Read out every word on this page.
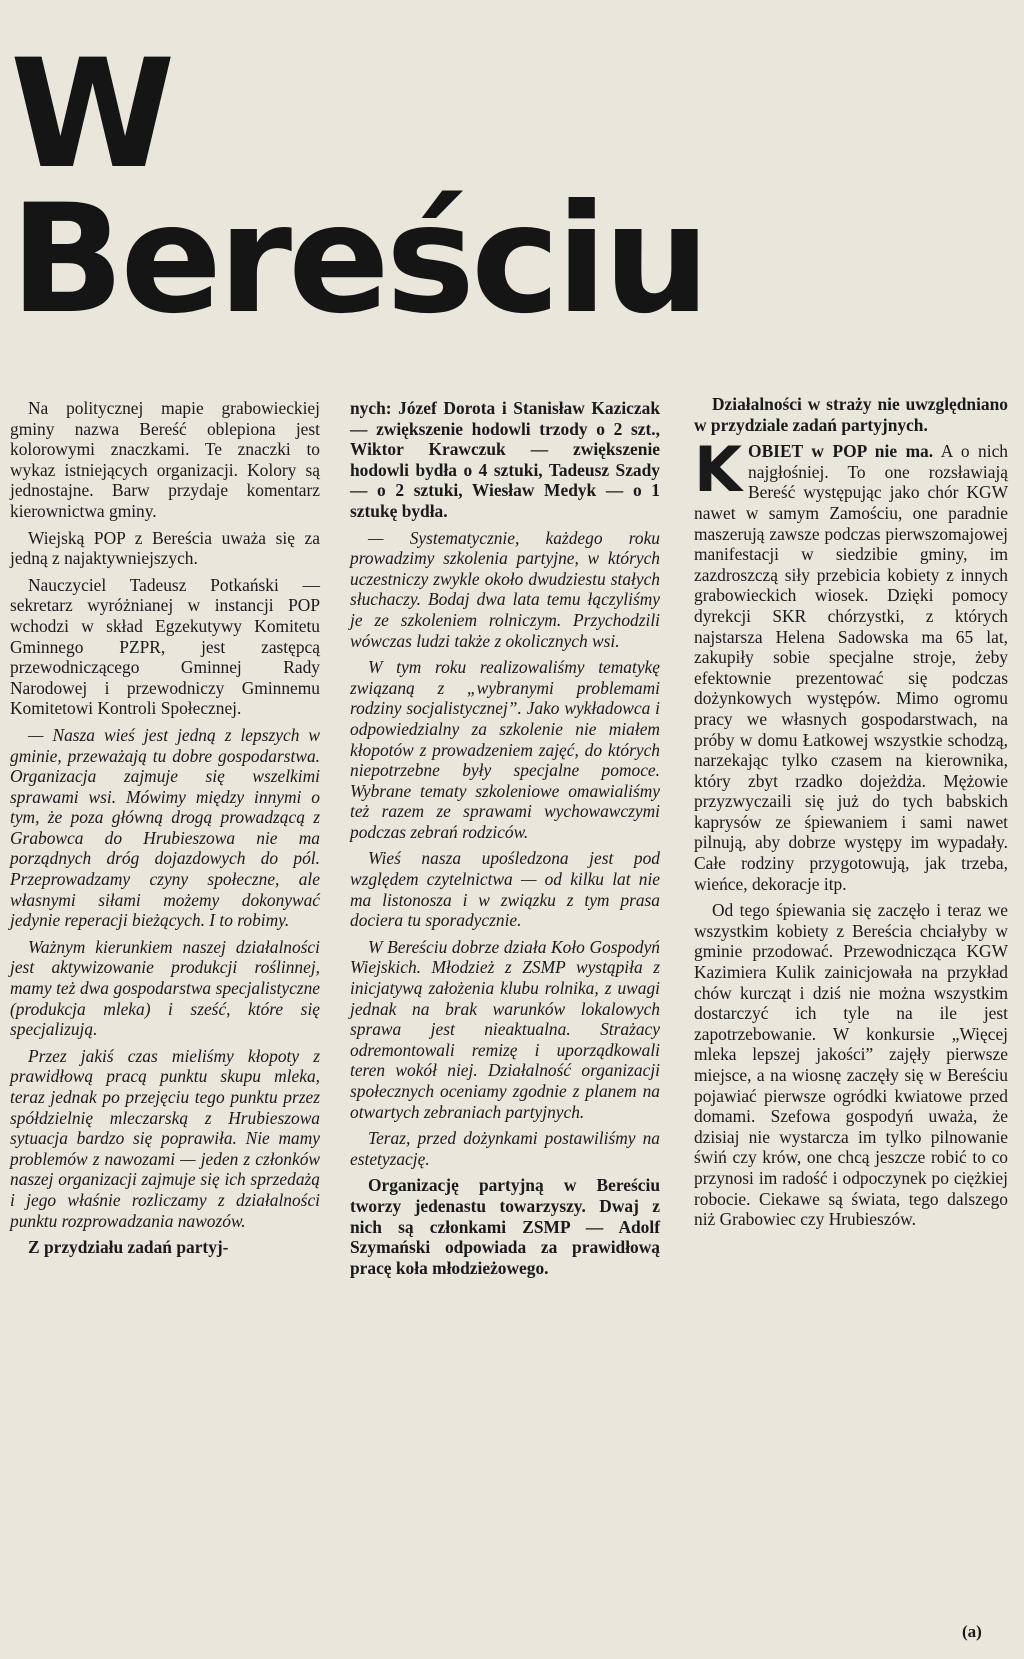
W
Bereściu

Na politycznej mapie grabowieckiej gminy nazwa Bereść oblepiona jest kolorowymi znaczkami. Te znaczki to wykaz istniejących organizacji. Kolory są jednostajne. Barw przydaje komentarz kierownictwa gminy.

Wiejską POP z Bereścia uważa się za jedną z najaktywniejszych.

Nauczyciel Tadeusz Potkański — sekretarz wyróżnianej w instancji POP wchodzi w skład Egzekutywy Komitetu Gminnego PZPR, jest zastępcą przewodniczącego Gminnej Rady Narodowej i przewodniczy Gminnemu Komitetowi Kontroli Społecznej.

— Nasza wieś jest jedną z lepszych w gminie, przeważają tu dobre gospodarstwa. Organizacja zajmuje się wszelkimi sprawami wsi. Mówimy między innymi o tym, że poza główną drogą prowadzącą z Grabowca do Hrubieszowa nie ma porządnych dróg dojazdowych do pól. Przeprowadzamy czyny społeczne, ale własnymi siłami możemy dokonywać jedynie reperacji bieżących. I to robimy.

Ważnym kierunkiem naszej działalności jest aktywizowanie produkcji roślinnej, mamy też dwa gospodarstwa specjalistyczne (produkcja mleka) i sześć, które się specjalizują.

Przez jakiś czas mieliśmy kłopoty z prawidłową pracą punktu skupu mleka, teraz jednak po przejęciu tego punktu przez spółdzielnię mleczarską z Hrubieszowa sytuacja bardzo się poprawiła. Nie mamy problemów z nawozami — jeden z członków naszej organizacji zajmuje się ich sprzedażą i jego właśnie rozliczamy z działalności punktu rozprowadzania nawozów.

Z przydziału zadań partyj-

nych: Józef Dorota i Stanisław Kaziczak — zwiększenie hodowli trzody o 2 szt., Wiktor Krawczuk — zwiększenie hodowli bydła o 4 sztuki, Tadeusz Szady — o 2 sztuki, Wiesław Medyk — o 1 sztukę bydła.

— Systematycznie, każdego roku prowadzimy szkolenia partyjne, w których uczestniczy zwykle około dwudziestu stałych słuchaczy. Bodaj dwa lata temu łączyliśmy je ze szkoleniem rolniczym. Przychodzili wówczas ludzi także z okolicznych wsi.

W tym roku realizowaliśmy tematykę związaną z „wybranymi problemami rodziny socjalistycznej”. Jako wykładowca i odpowiedzialny za szkolenie nie miałem kłopotów z prowadzeniem zajęć, do których niepotrzebne były specjalne pomoce. Wybrane tematy szkoleniowe omawialiśmy też razem ze sprawami wychowawczymi podczas zebrań rodziców.

Wieś nasza upośledzona jest pod względem czytelnictwa — od kilku lat nie ma listonosza i w związku z tym prasa dociera tu sporadycznie.

W Bereściu dobrze działa Koło Gospodyń Wiejskich. Młodzież z ZSMP wystąpiła z inicjatywą założenia klubu rolnika, z uwagi jednak na brak warunków lokalowych sprawa jest nieaktualna. Strażacy odremontowali remizę i uporządkowali teren wokół niej. Działalność organizacji społecznych oceniamy zgodnie z planem na otwartych zebraniach partyjnych.

Teraz, przed dożynkami postawiliśmy na estetyzację.

Organizację partyjną w Bereściu tworzy jedenastu towarzyszy. Dwaj z nich są członkami ZSMP — Adolf Szymański odpowiada za prawidłową pracę koła młodzieżowego.

Działalności w straży nie uwzględniano w przydziale zadań partyjnych.

K OBIET w POP nie ma. A o nich najgłośniej. To one rozsławiają Bereść występując jako chór KGW nawet w samym Zamościu, one paradnie maszerują zawsze podczas pierwszomajowej manifestacji w siedzibie gminy, im zazdroszczą siły przebicia kobiety z innych grabowieckich wiosek. Dzięki pomocy dyrekcji SKR chórzystki, z których najstarsza Helena Sadowska ma 65 lat, zakupiły sobie specjalne stroje, żeby efektownie prezentować się podczas dożynkowych występów. Mimo ogromu pracy we własnych gospodarstwach, na próby w domu Łatkowej wszystkie schodzą, narzekając tylko czasem na kierownika, który zbyt rzadko dojeżdża. Mężowie przyzwyczaili się już do tych babskich kaprysów ze śpiewaniem i sami nawet pilnują, aby dobrze występy im wypadały. Całe rodziny przygotowują, jak trzeba, wieńce, dekoracje itp.

Od tego śpiewania się zaczęło i teraz we wszystkim kobiety z Bereścia chciałyby w gminie przodować. Przewodnicząca KGW Kazimiera Kulik zainicjowała na przykład chów kurcząt i dziś nie można wszystkim dostarczyć ich tyle na ile jest zapotrzebowanie. W konkursie „Więcej mleka lepszej jakości” zajęły pierwsze miejsce, a na wiosnę zaczęły się w Bereściu pojawiać pierwsze ogródki kwiatowe przed domami. Szefowa gospodyń uważa, że dzisiaj nie wystarcza im tylko pilnowanie świń czy krów, one chcą jeszcze robić to co przynosi im radość i odpoczynek po ciężkiej robocie. Ciekawe są świata, tego dalszego niż Grabowiec czy Hrubieszów.

(a)
